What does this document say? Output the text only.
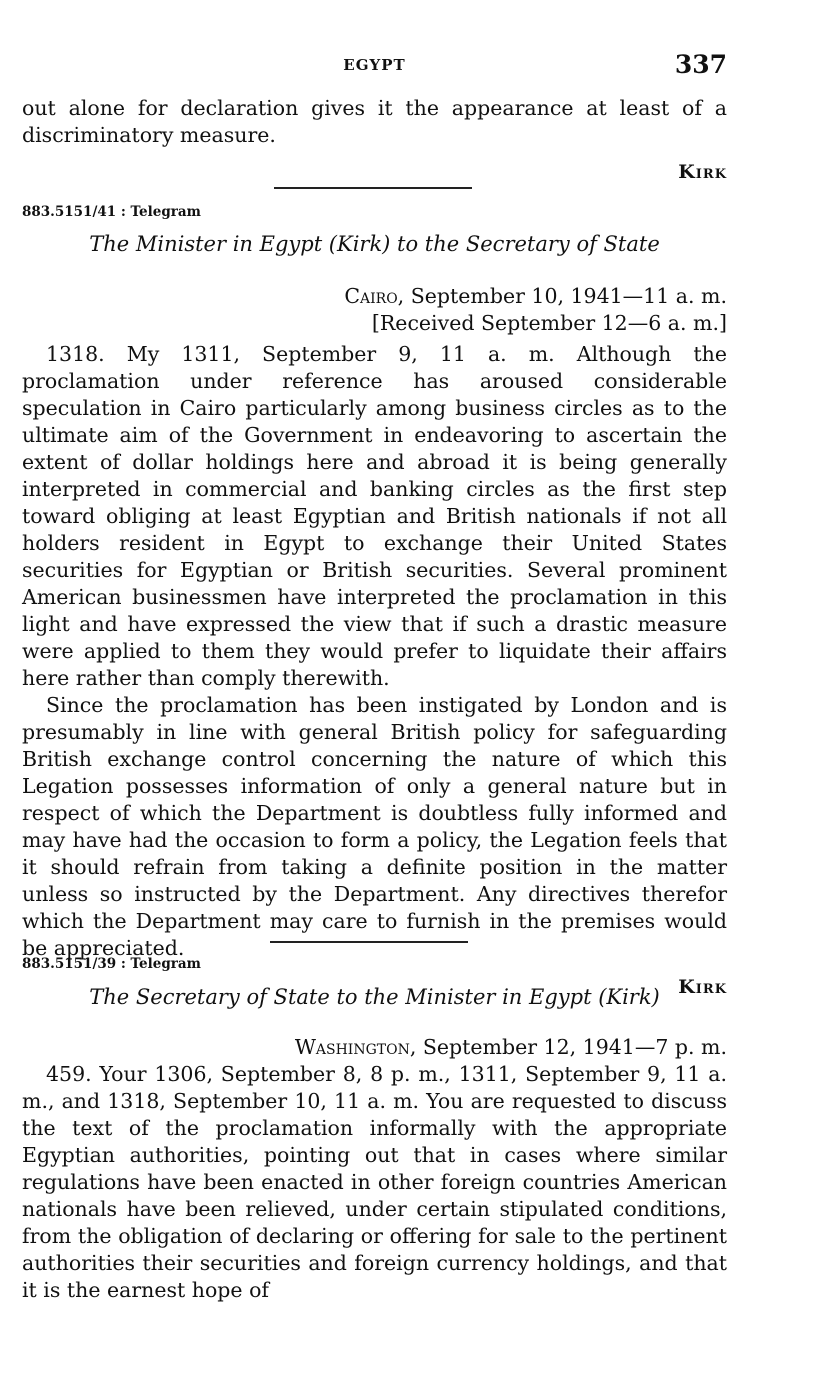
EGYPT	337

out alone for declaration gives it the appearance at least of a discriminatory measure.

Kirk

883.5151/41 : Telegram
The Minister in Egypt (Kirk) to the Secretary of State
Cairo, September 10, 1941—11 a. m.
[Received September 12—6 a. m.]

1318. My 1311, September 9, 11 a. m. Although the proclamation under reference has aroused considerable speculation in Cairo particularly among business circles as to the ultimate aim of the Government in endeavoring to ascertain the extent of dollar holdings here and abroad it is being generally interpreted in commercial and banking circles as the first step toward obliging at least Egyptian and British nationals if not all holders resident in Egypt to exchange their United States securities for Egyptian or British securities. Several prominent American businessmen have interpreted the proclamation in this light and have expressed the view that if such a drastic measure were applied to them they would prefer to liquidate their affairs here rather than comply therewith.

Since the proclamation has been instigated by London and is presumably in line with general British policy for safeguarding British exchange control concerning the nature of which this Legation possesses information of only a general nature but in respect of which the Department is doubtless fully informed and may have had the occasion to form a policy, the Legation feels that it should refrain from taking a definite position in the matter unless so instructed by the Department. Any directives therefor which the Department may care to furnish in the premises would be appreciated.

Kirk

883.5151/39 : Telegram
The Secretary of State to the Minister in Egypt (Kirk)
Washington, September 12, 1941—7 p. m.

459. Your 1306, September 8, 8 p. m., 1311, September 9, 11 a. m., and 1318, September 10, 11 a. m. You are requested to discuss the text of the proclamation informally with the appropriate Egyptian authorities, pointing out that in cases where similar regulations have been enacted in other foreign countries American nationals have been relieved, under certain stipulated conditions, from the obligation of declaring or offering for sale to the pertinent authorities their securities and foreign currency holdings, and that it is the earnest hope of
